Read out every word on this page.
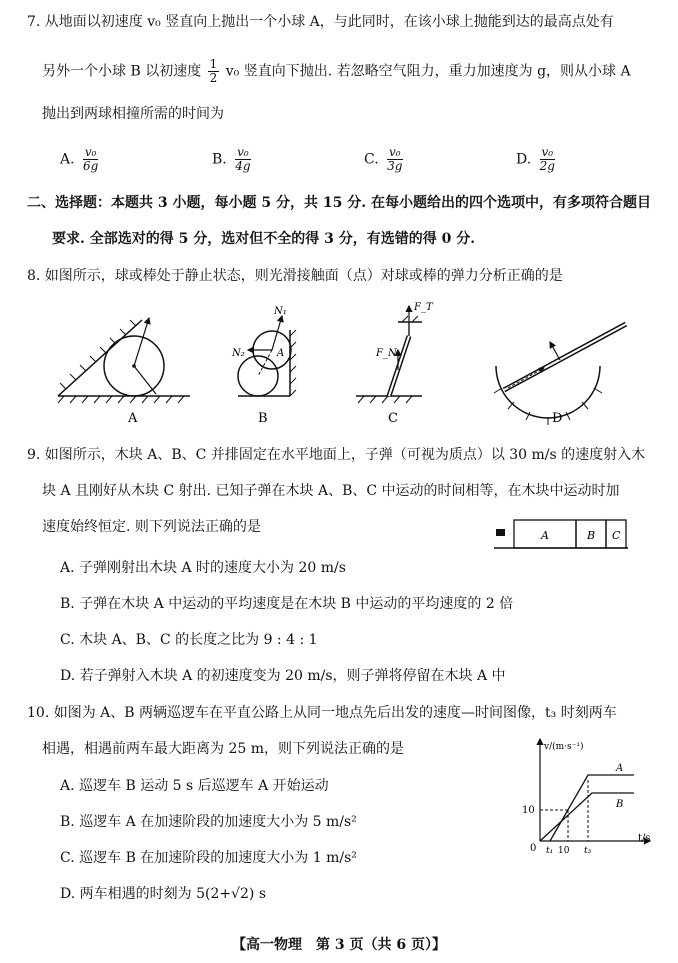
7. 从地面以初速度 v₀ 竖直向上抛出一个小球 A，与此同时，在该小球上抛能到达的最高点处有
另外一个小球 B 以初速度 $\frac{1}{2} v_0$ 竖直向下抛出. 若忽略空气阻力，重力加速度为 g，则从小球 A
抛出到两球相撞所需的时间为
A. $\frac{\text{v₀}}{6g}$	B. $\frac{\text{v₀}}{4g}$	C. $\frac{\text{v₀}}{3g}$	D. $\frac{\text{v₀}}{2g}$
二、选择题：本题共 3 小题，每小题 5 分，共 15 分. 在每小题给出的四个选项中，有多项符合题目
要求. 全部选对的得 5 分，选对但不全的得 3 分，有选错的得 0 分.
8. 如图所示，球或棒处于静止状态，则光滑接触面（点）对球或棒的弹力分析正确的是
N₁
N₂	A
F_T
F_N
A	B	C	D
9. 如图所示，木块 A、B、C 并排固定在水平地面上，子弹（可视为质点）以 30 m/s 的速度射入木
块 A 且刚好从木块 C 射出. 已知子弹在木块 A、B、C 中运动的时间相等，在木块中运动时加
速度始终恒定. 则下列说法正确的是
A	B C
A. 子弹刚射出木块 A 时的速度大小为 20 m/s
B. 子弹在木块 A 中运动的平均速度是在木块 B 中运动的平均速度的 2 倍
C. 木块 A、B、C 的长度之比为 9 : 4 : 1
D. 若子弹射入木块 A 的初速度变为 20 m/s，则子弹将停留在木块 A 中
10. 如图为 A、B 两辆巡逻车在平直公路上从同一地点先后出发的速度—时间图像，t₃ 时刻两车
相遇，相遇前两车最大距离为 25 m，则下列说法正确的是
A. 巡逻车 B 运动 5 s 后巡逻车 A 开始运动
B. 巡逻车 A 在加速阶段的加速度大小为 5 m/s²
C. 巡逻车 B 在加速阶段的加速度大小为 1 m/s²
D. 两车相遇的时刻为 5(2+√2) s
v/(m·s⁻¹)
t/s
0
10
t₁ 10 t₃
A
B
【高一物理　第 3 页（共 6 页）】
